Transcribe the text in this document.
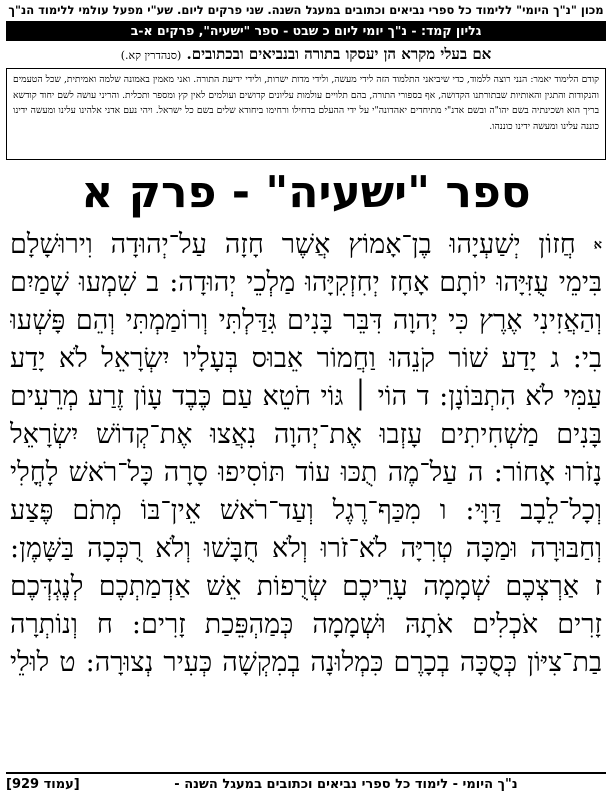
מכון "נ"ך היומי" ללימוד כל ספרי נביאים וכתובים במעגל השנה. שני פרקים ליום. שע"י מפעל עולמי ללימוד הנ"ך
גליון קמד: - נ"ך יומי ליום כ שבט - ספר "ישעיה", פרקים א-ב
אם בעלי מקרא הן יעסקו בתורה ובנביאים ובכתובים. (סנהדרין קא.)
קודם הלימוד יאמר: הנני רוצה ללמוד, כדי שיביאני התלמוד הזה לידי מעשה, ולידי מדות ישרות, ולידי ידיעת התורה. ואני מאמין באמונה שלמה ואמיתית, שכל הטעמים והנקודות והתגין והאותיות שבתורתנו הקדושה, אף בספורי התורה, בהם תלויים עולמות עליונים קדושים ועולמים לאין קץ ומספר ותכלית. והריני עושה לשם יחוד קודשא בריך הוא ושכינתיה בשם יהו"ה ובשם אדנ"י מתיחדים יאהדונה"י על ידי ההעלם בדחילו ורחימו ביחודא שלים בשם כל ישראל. ויהי נעם אדני אלהינו עלינו ומעשה ידינו כוננה עלינו ומעשה ידינו כוננהו.
ספר "ישעיה" - פרק א
א חֲזוֹן יְשַׁעְיָהוּ בֶן־אָמוֹץ אֲשֶׁר חָזָה עַל־יְהוּדָה וִירוּשָׁלָם
בִּימֵי עֻזִּיָּהוּ יוֹתָם אָחָז יְחִזְקִיָּהוּ מַלְכֵי יְהוּדָה: ב שִׁמְעוּ שָׁמַיִם
וְהַאֲזִינִי אֶרֶץ כִּי יְהוָה דִּבֵּר בָּנִים גִּדַּלְתִּי וְרוֹמַמְתִּי וְהֵם פָּשְׁעוּ
בִי: ג יָדַע שׁוֹר קֹנֵהוּ וַחֲמוֹר אֵבוּס בְּעָלָיו יִשְׂרָאֵל לֹא יָדַע
עַמִּי לֹא הִתְבּוֹנָן: ד הוֹי ׀ גּוֹי חֹטֵא עַם כֶּבֶד עָוֹן זֶרַע מְרֵעִים
בָּנִים מַשְׁחִיתִים עָזְבוּ אֶת־יְהוָה נִאֲצוּ אֶת־קְדוֹשׁ יִשְׂרָאֵל
נָזֹרוּ אָחוֹר: ה עַל־מֶה תֻכּוּ עוֹד תּוֹסִיפוּ סָרָה כָּל־רֹאשׁ לָחֳלִי
וְכָל־לֵבָב דַּוָּי: ו מִכַּף־רֶגֶל וְעַד־רֹאשׁ אֵין־בּוֹ מְתֹם פֶּצַע
וְחַבּוּרָה וּמַכָּה טְרִיָּה לֹא־זֹרוּ וְלֹא חֻבָּשׁוּ וְלֹא רֻכְּכָה בַּשָּׁמֶן:
ז אַרְצְכֶם שְׁמָמָה עָרֵיכֶם שְׂרֻפוֹת אֵשׁ אַדְמַתְכֶם לְנֶגְדְּכֶם
זָרִים אֹכְלִים אֹתָהּ וּשְׁמָמָה כְּמַהְפֵּכַת זָרִים: ח וְנוֹתְרָה
בַת־צִיּוֹן כְּסֻכָּה בְכָרֶם כִּמְלוּנָה בְמִקְשָׁה כְּעִיר נְצוּרָה: ט לוּלֵי
נ"ך היומי - לימוד כל ספרי נביאים וכתובים במעגל השנה -
[עמוד 929]
